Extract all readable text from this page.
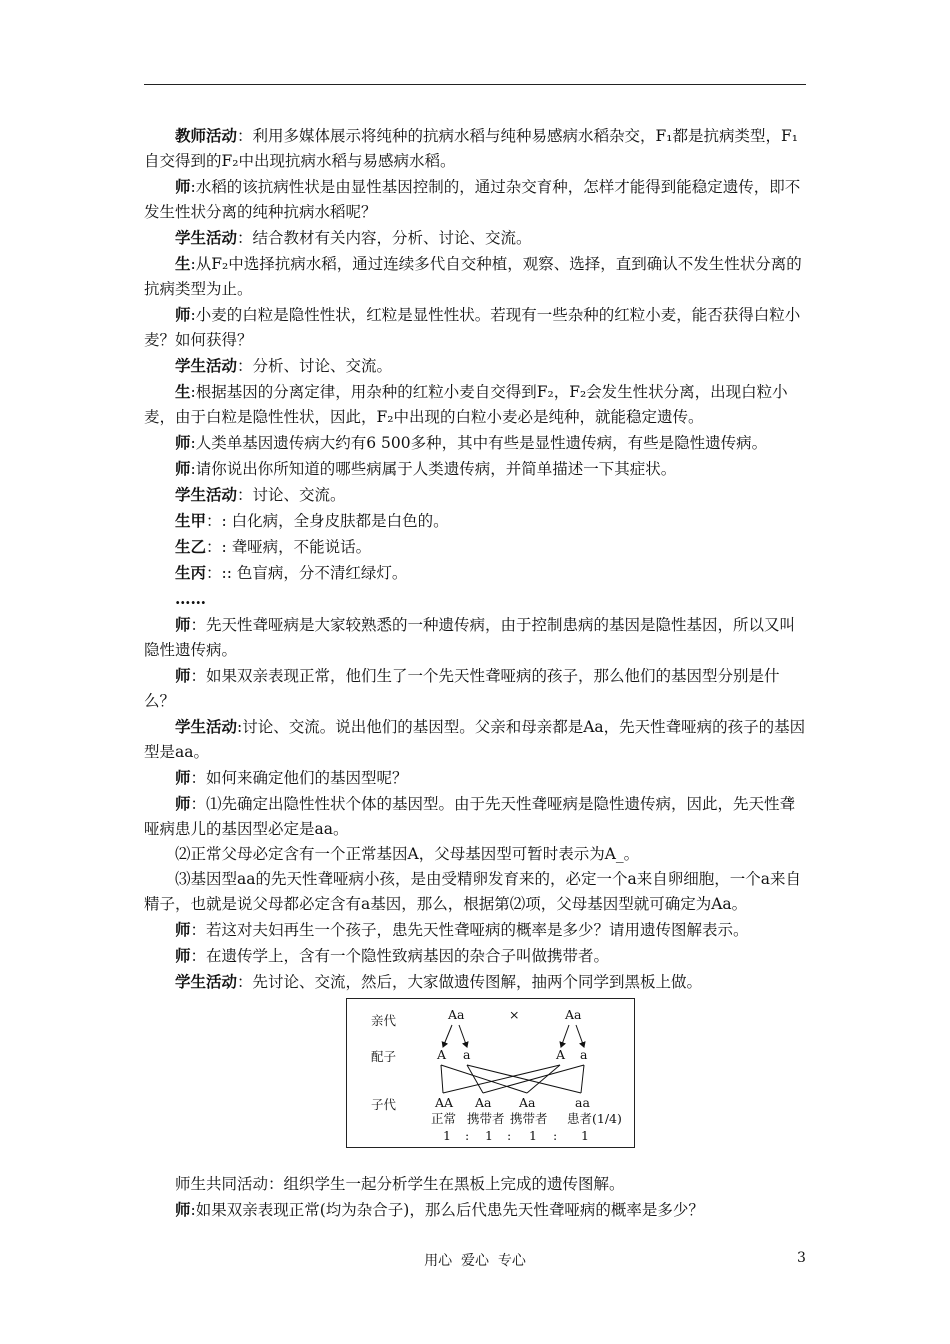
教师活动：利用多媒体展示将纯种的抗病水稻与纯种易感病水稻杂交，F₁都是抗病类型，F₁自交得到的F₂中出现抗病水稻与易感病水稻。

师:水稻的该抗病性状是由显性基因控制的，通过杂交育种，怎样才能得到能稳定遗传，即不发生性状分离的纯种抗病水稻呢？

学生活动：结合教材有关内容，分析、讨论、交流。

生:从F₂中选择抗病水稻，通过连续多代自交种植，观察、选择，直到确认不发生性状分离的抗病类型为止。

师:小麦的白粒是隐性性状，红粒是显性性状。若现有一些杂种的红粒小麦，能否获得白粒小麦？如何获得？

学生活动：分析、讨论、交流。

生:根据基因的分离定律，用杂种的红粒小麦自交得到F₂，F₂会发生性状分离，出现白粒小麦，由于白粒是隐性性状，因此，F₂中出现的白粒小麦必是纯种，就能稳定遗传。

师:人类单基因遗传病大约有6 500多种，其中有些是显性遗传病，有些是隐性遗传病。

师:请你说出你所知道的哪些病属于人类遗传病，并简单描述一下其症状。

学生活动：讨论、交流。

生甲：: 白化病，全身皮肤都是白色的。

生乙：: 聋哑病，不能说话。

生丙：:: 色盲病，分不清红绿灯。

……

师：先天性聋哑病是大家较熟悉的一种遗传病，由于控制患病的基因是隐性基因，所以又叫隐性遗传病。

师：如果双亲表现正常，他们生了一个先天性聋哑病的孩子，那么他们的基因型分别是什么？

学生活动:讨论、交流。说出他们的基因型。父亲和母亲都是Aa，先天性聋哑病的孩子的基因型是aa。

师：如何来确定他们的基因型呢？

师：⑴先确定出隐性性状个体的基因型。由于先天性聋哑病是隐性遗传病，因此，先天性聋哑病患儿的基因型必定是aa。

⑵正常父母必定含有一个正常基因A，父母基因型可暂时表示为A_。

⑶基因型aa的先天性聋哑病小孩，是由受精卵发育来的，必定一个a来自卵细胞，一个a来自精子，也就是说父母都必定含有a基因，那么，根据第⑵项，父母基因型就可确定为Aa。

师：若这对夫妇再生一个孩子，患先天性聋哑病的概率是多少？请用遗传图解表示。

师：在遗传学上，含有一个隐性致病基因的杂合子叫做携带者。

学生活动：先讨论、交流，然后，大家做遗传图解，抽两个同学到黑板上做。

亲代
配子
子代
Aa	×	Aa
A a	A a
AA Aa Aa	aa
正常 携带者 携带者 患者(1/4)
1 : 1 : 1 : 1

师生共同活动：组织学生一起分析学生在黑板上完成的遗传图解。

师:如果双亲表现正常(均为杂合子)，那么后代患先天性聋哑病的概率是多少？

用心  爱心  专心	3
